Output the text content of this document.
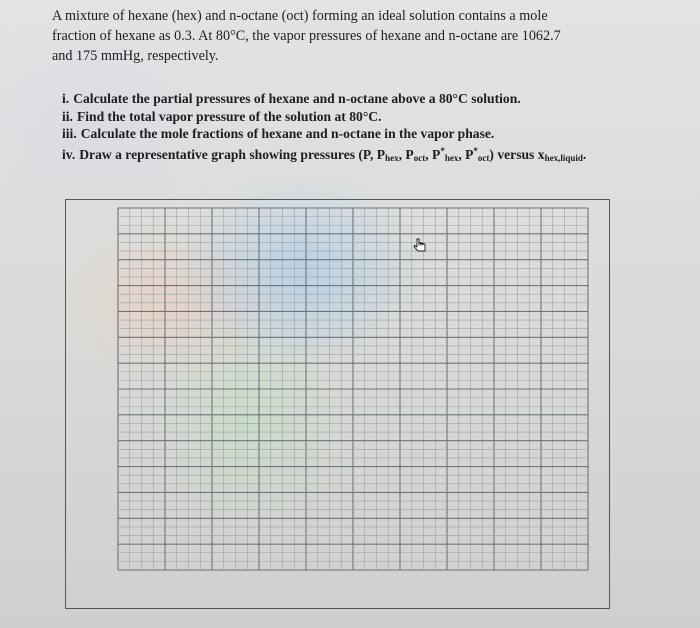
A mixture of hexane (hex) and n-octane (oct) forming an ideal solution contains a mole
fraction of hexane as 0.3. At 80°C, the vapor pressures of hexane and n-octane are 1062.7
and 175 mmHg, respectively.
i. Calculate the partial pressures of hexane and n-octane above a 80°C solution.
ii. Find the total vapor pressure of the solution at 80°C.
iii. Calculate the mole fractions of hexane and n-octane in the vapor phase.
iv. Draw a representative graph showing pressures (P, $P_{hex}$, $P_{oct}$, $P^*_{hex}$, $P^*_{oct}$) versus $x_{hex,liquid}$.
